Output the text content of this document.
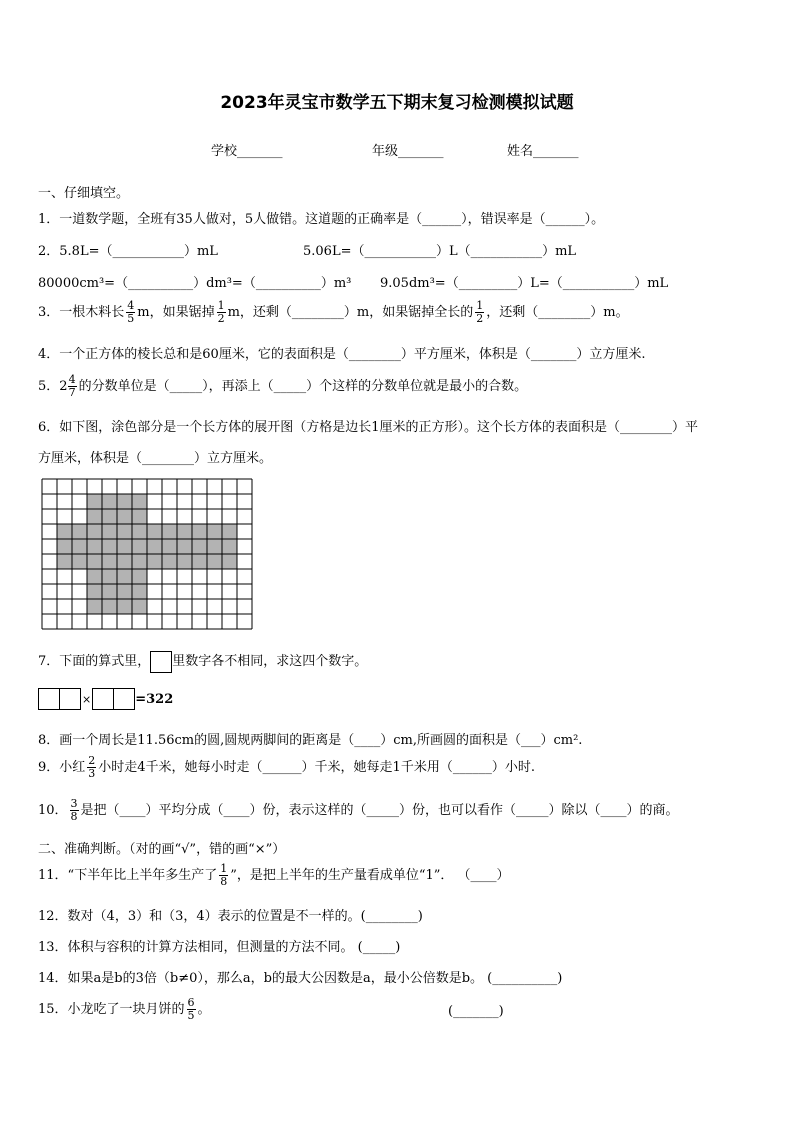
2023年灵宝市数学五下期末复习检测模拟试题
学校_______	年级_______	姓名_______
一、仔细填空。
1．一道数学题，全班有35人做对，5人做错。这道题的正确率是（______），错误率是（______）。
2．5.8L=（___________）mL	5.06L=（___________）L（___________）mL
80000cm³=（__________）dm³=（__________）m³ 9.05dm³=（_________）L=（___________）mL
3．一根木料长 $\frac{4}{5}$ m，如果锯掉 $\frac{1}{2}$ m，还剩（________）m，如果锯掉全长的 $\frac{1}{2}$ ，还剩（________）m。
4．一个正方体的棱长总和是60厘米，它的表面积是（________）平方厘米，体积是（_______）立方厘米.
5． $2 \frac{4}{7}$ 的分数单位是（_____），再添上（_____）个这样的分数单位就是最小的合数。
6．如下图，涂色部分是一个长方体的展开图（方格是边长1厘米的正方形）。这个长方体的表面积是（________）平
方厘米，体积是（________）立方厘米。
7．下面的算式里， 里数字各不相同，求这四个数字。
×	=322
8．画一个周长是11.56cm的圆,圆规两脚间的距离是（____）cm,所画圆的面积是（___）cm².
9．小红 $\frac{2}{3}$ 小时走4千米，她每小时走（______）千米，她每走1千米用（______）小时.
10． $\frac{3}{8}$ 是把（____）平均分成（____）份，表示这样的（_____）份，也可以看作（_____）除以（____）的商。
二、准确判断。（对的画“√”，错的画“×”）
11．“下半年比上半年多生产了 $\frac{1}{8}$ ”，是把上半年的生产量看成单位“1”． （____）
12．数对（4，3）和（3，4）表示的位置是不一样的。(________)
13．体积与容积的计算方法相同，但测量的方法不同。 (_____)
14．如果a是b的3倍（b≠0），那么a，b的最大公因数是a，最小公倍数是b。 (__________)
15．小龙吃了一块月饼的 $\frac{6}{5}$ 。	(_______)
